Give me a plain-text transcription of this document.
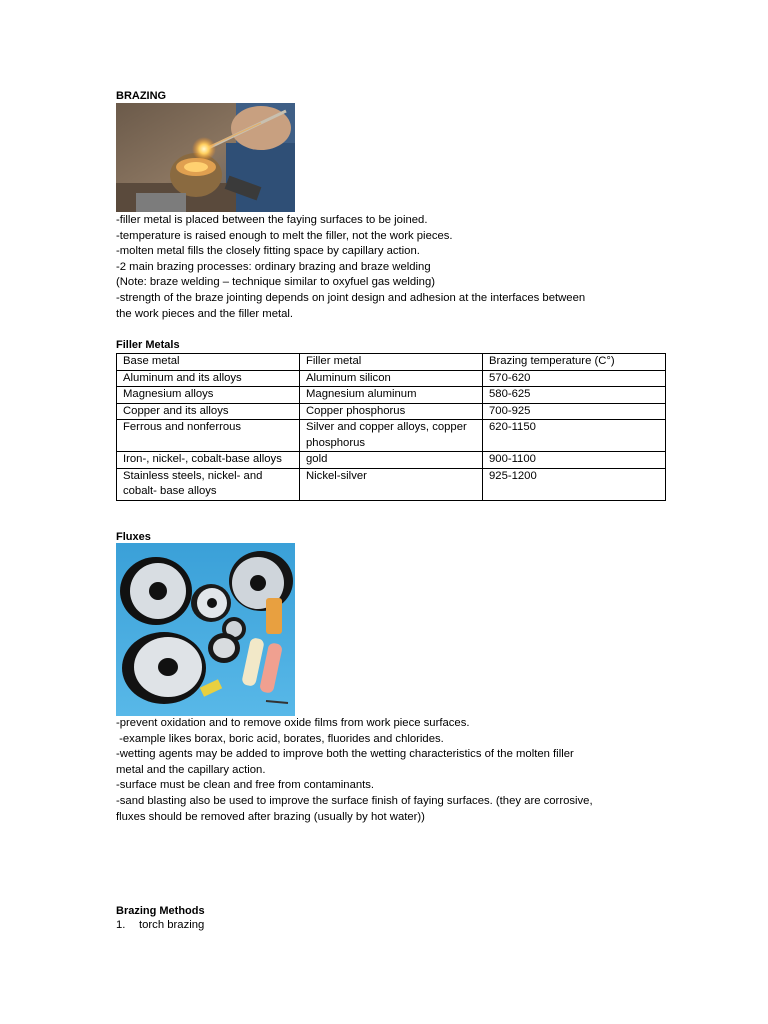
BRAZING
-filler metal is placed between the faying surfaces to be joined.
-temperature is raised enough to melt the filler, not the work pieces.
-molten metal fills the closely fitting space by capillary action.
-2 main brazing processes: ordinary brazing and braze welding
(Note: braze welding – technique similar to oxyfuel gas welding)
-strength of the braze jointing depends on joint design and adhesion at the interfaces between
the work pieces and the filler metal.
Filler Metals
Base metal	Filler metal	Brazing temperature (C°)
Aluminum and its alloys	Aluminum silicon	570-620
Magnesium alloys	Magnesium aluminum	580-625
Copper and its alloys	Copper phosphorus	700-925
Ferrous and nonferrous	Silver and copper alloys, copper phosphorus	620-1150
Iron-, nickel-, cobalt-base alloys	gold	900-1100
Stainless steels, nickel- and cobalt- base alloys	Nickel-silver	925-1200
Fluxes
-prevent oxidation and to remove oxide films from work piece surfaces.
-example likes borax, boric acid, borates, fluorides and chlorides.
-wetting agents may be added to improve both the wetting characteristics of the molten filler
metal and the capillary action.
-surface must be clean and free from contaminants.
-sand blasting also be used to improve the surface finish of faying surfaces. (they are corrosive,
fluxes should be removed after brazing (usually by hot water))
Brazing Methods
1. torch brazing
